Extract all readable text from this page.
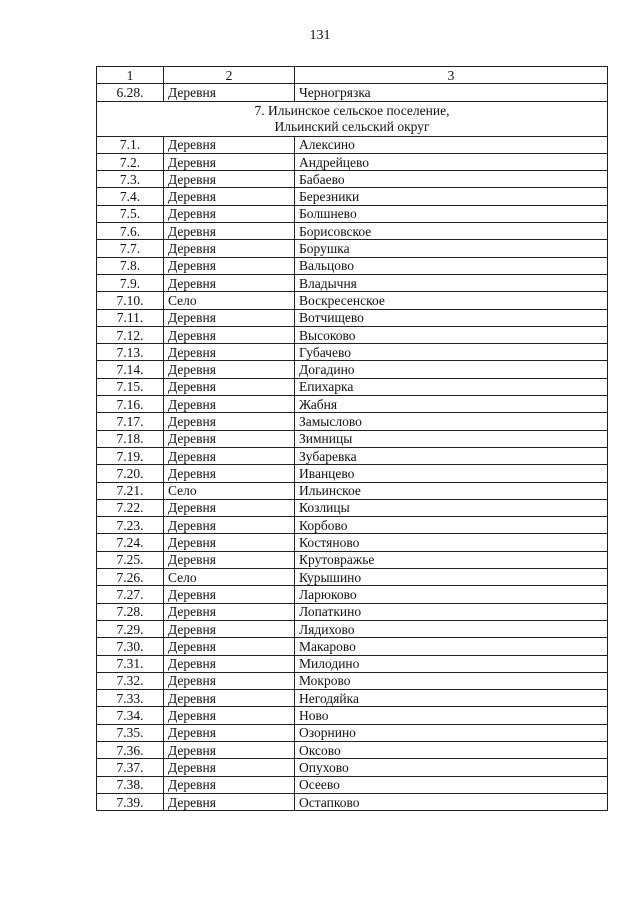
131
1	2	3
6.28.	Деревня	Черногрязка

7. Ильинское сельское поселение,
Ильинский сельский округ		

7.1.	Деревня	Алексино
7.2.	Деревня	Андрейцево
7.3.	Деревня	Бабаево
7.4.	Деревня	Березники
7.5.	Деревня	Болшнево
7.6.	Деревня	Борисовское
7.7.	Деревня	Борушка
7.8.	Деревня	Вальцово
7.9.	Деревня	Владычня
7.10.	Село	Воскресенское
7.11.	Деревня	Вотчищево
7.12.	Деревня	Высоково
7.13.	Деревня	Губачево
7.14.	Деревня	Догадино
7.15.	Деревня	Епихарка
7.16.	Деревня	Жабня
7.17.	Деревня	Замыслово
7.18.	Деревня	Зимницы
7.19.	Деревня	Зубаревка
7.20.	Деревня	Иванцево
7.21.	Село	Ильинское
7.22.	Деревня	Козлицы
7.23.	Деревня	Корбово
7.24.	Деревня	Костяново
7.25.	Деревня	Крутовражье
7.26.	Село	Курышино
7.27.	Деревня	Ларюково
7.28.	Деревня	Лопаткино
7.29.	Деревня	Лядихово
7.30.	Деревня	Макарово
7.31.	Деревня	Милодино
7.32.	Деревня	Мокрово
7.33.	Деревня	Негодяйка
7.34.	Деревня	Ново
7.35.	Деревня	Озорнино
7.36.	Деревня	Оксово
7.37.	Деревня	Опухово
7.38.	Деревня	Осеево
7.39.	Деревня	Остапково
